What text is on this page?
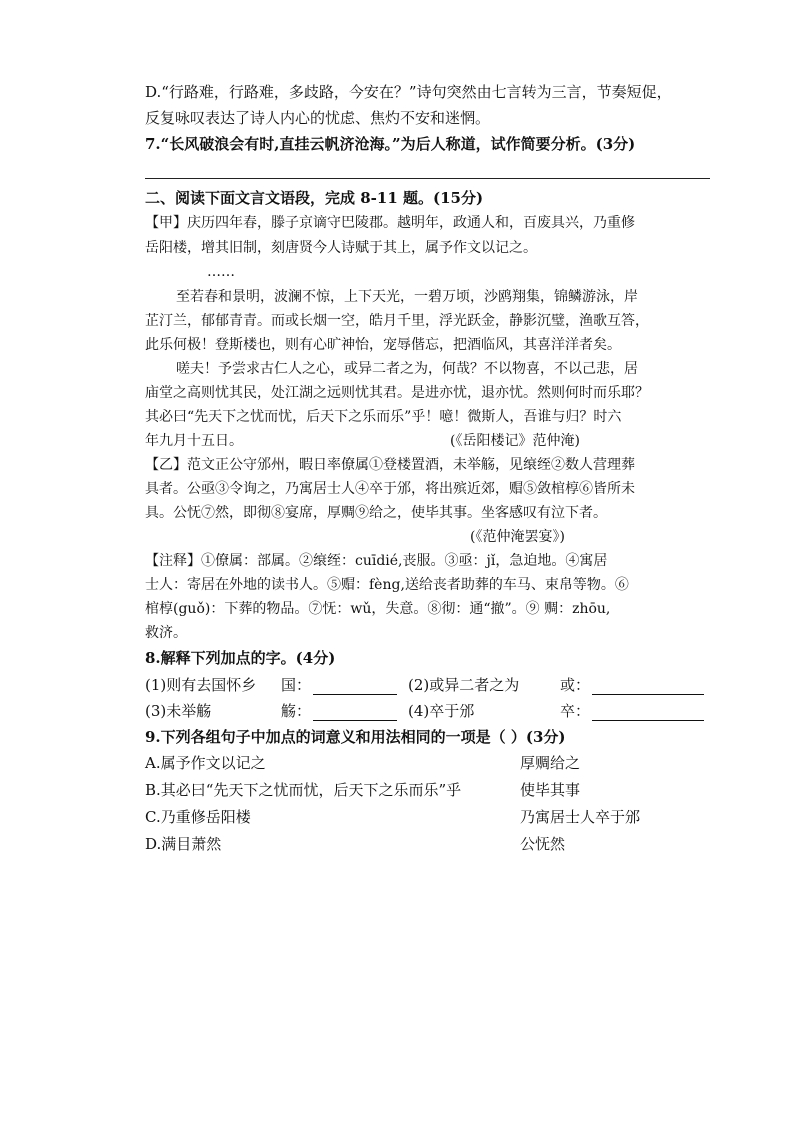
D.“行路难，行路难，多歧路，今安在？”诗句突然由七言转为三言，节奏短促，
反复咏叹表达了诗人内心的忧虑、焦灼不安和迷惘。
7.“长风破浪会有时,直挂云帆济沧海。”为后人称道，试作简要分析。(3分)
二、阅读下面文言文语段，完成 8-11 题。(15分)
【甲】庆历四年春，滕子京谪守巴陵郡。越明年，政通人和，百废具兴，乃重修
岳阳楼，增其旧制，刻唐贤今人诗赋于其上，属予作文以记之。
……
至若春和景明，波澜不惊，上下天光，一碧万顷，沙鸥翔集，锦鳞游泳，岸
芷汀兰，郁郁青青。而或长烟一空，皓月千里，浮光跃金，静影沉璧，渔歌互答，
此乐何极！登斯楼也，则有心旷神怡，宠辱偕忘，把酒临风，其喜洋洋者矣。
嗟夫！予尝求古仁人之心，或异二者之为，何哉？不以物喜，不以己悲，居
庙堂之高则忧其民，处江湖之远则忧其君。是进亦忧，退亦忧。然则何时而乐耶？
其必曰“先天下之忧而忧，后天下之乐而乐”乎！噫！微斯人，吾谁与归？时六
年九月十五日。	(《岳阳楼记》范仲淹)
【乙】范文正公守邠州，暇日率僚属①登楼置酒，未举觞，见缞绖②数人营理葬
具者。公亟③令询之，乃寓居士人④卒于邠，将出殡近郊，赗⑤敛棺椁⑥皆所未
具。公怃⑦然，即彻⑧宴席，厚赒⑨给之，使毕其事。坐客感叹有泣下者。
(《范仲淹罢宴》)
【注释】①僚属：部属。②缞绖：cuīdié,丧服。③亟：jǐ，急迫地。④寓居
士人：寄居在外地的读书人。⑤赗：fèng,送给丧者助葬的车马、束帛等物。⑥
棺椁(guǒ)：下葬的物品。⑦怃：wǔ，失意。⑧彻：通“撤”。⑨ 赒：zhōu,
救济。
8.解释下列加点的字。(4分)
(1)则有去国怀乡 国：	(2)或异二者之为	或：
(3)未举觞	觞：	(4)卒于邠	卒：
9.下列各组句子中加点的词意义和用法相同的一项是（ ）(3分)
A.属予作文以记之	厚赒给之
B.其必曰“先天下之忧而忧，后天下之乐而乐”乎	使毕其事
C.乃重修岳阳楼	乃寓居士人卒于邠
D.满目萧然	公怃然
